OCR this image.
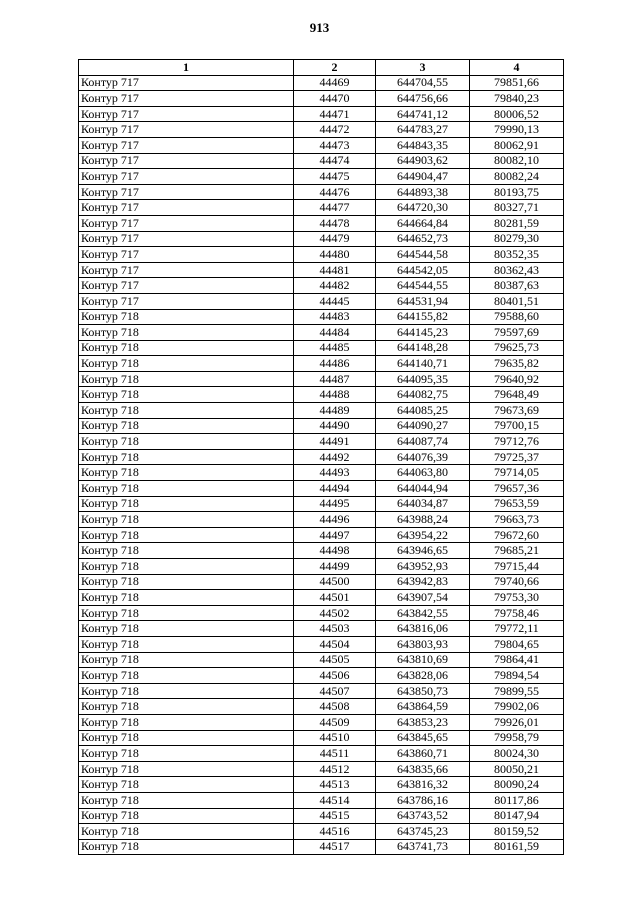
913
1	2	3	4
Контур 717	44469	644704,55	79851,66
Контур 717	44470	644756,66	79840,23
Контур 717	44471	644741,12	80006,52
Контур 717	44472	644783,27	79990,13
Контур 717	44473	644843,35	80062,91
Контур 717	44474	644903,62	80082,10
Контур 717	44475	644904,47	80082,24
Контур 717	44476	644893,38	80193,75
Контур 717	44477	644720,30	80327,71
Контур 717	44478	644664,84	80281,59
Контур 717	44479	644652,73	80279,30
Контур 717	44480	644544,58	80352,35
Контур 717	44481	644542,05	80362,43
Контур 717	44482	644544,55	80387,63
Контур 717	44445	644531,94	80401,51
Контур 718	44483	644155,82	79588,60
Контур 718	44484	644145,23	79597,69
Контур 718	44485	644148,28	79625,73
Контур 718	44486	644140,71	79635,82
Контур 718	44487	644095,35	79640,92
Контур 718	44488	644082,75	79648,49
Контур 718	44489	644085,25	79673,69
Контур 718	44490	644090,27	79700,15
Контур 718	44491	644087,74	79712,76
Контур 718	44492	644076,39	79725,37
Контур 718	44493	644063,80	79714,05
Контур 718	44494	644044,94	79657,36
Контур 718	44495	644034,87	79653,59
Контур 718	44496	643988,24	79663,73
Контур 718	44497	643954,22	79672,60
Контур 718	44498	643946,65	79685,21
Контур 718	44499	643952,93	79715,44
Контур 718	44500	643942,83	79740,66
Контур 718	44501	643907,54	79753,30
Контур 718	44502	643842,55	79758,46
Контур 718	44503	643816,06	79772,11
Контур 718	44504	643803,93	79804,65
Контур 718	44505	643810,69	79864,41
Контур 718	44506	643828,06	79894,54
Контур 718	44507	643850,73	79899,55
Контур 718	44508	643864,59	79902,06
Контур 718	44509	643853,23	79926,01
Контур 718	44510	643845,65	79958,79
Контур 718	44511	643860,71	80024,30
Контур 718	44512	643835,66	80050,21
Контур 718	44513	643816,32	80090,24
Контур 718	44514	643786,16	80117,86
Контур 718	44515	643743,52	80147,94
Контур 718	44516	643745,23	80159,52
Контур 718	44517	643741,73	80161,59
